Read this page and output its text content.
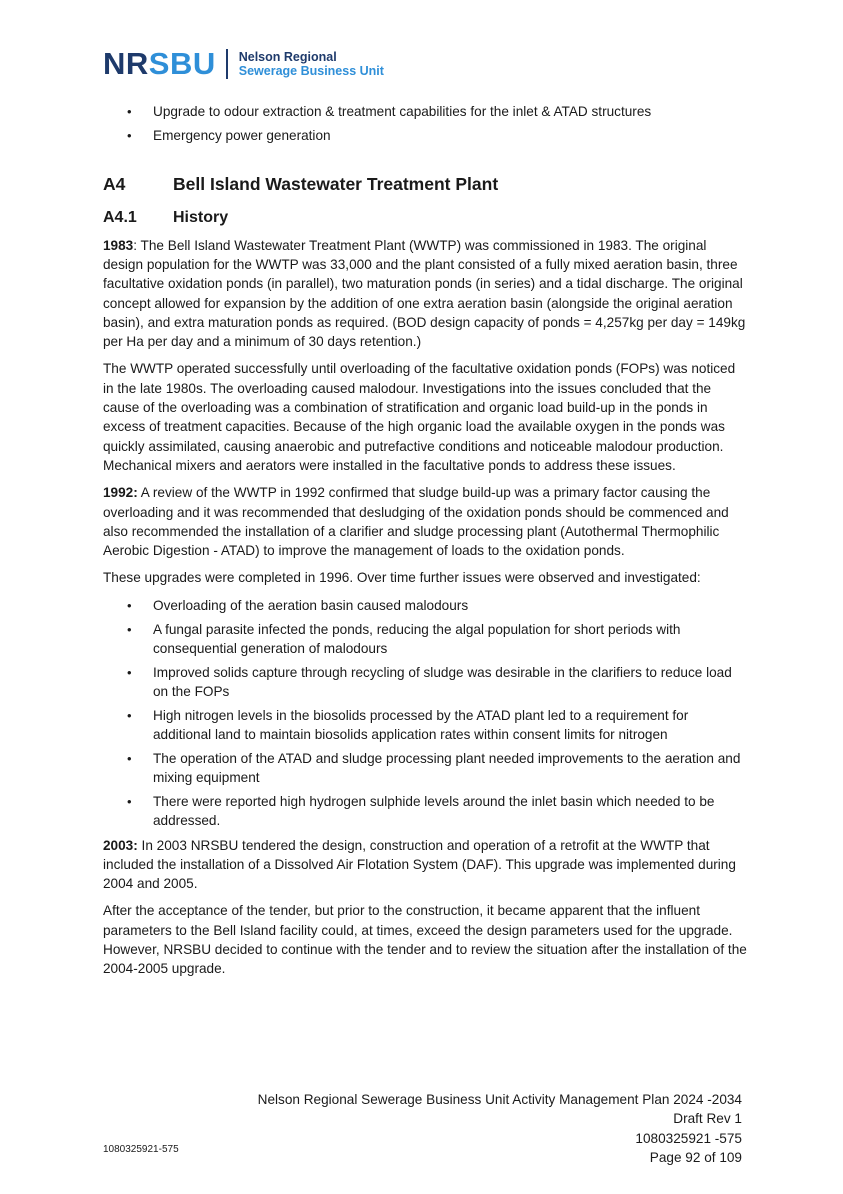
NRSBU Nelson Regional
Sewerage Business Unit
• Upgrade to odour extraction & treatment capabilities for the inlet & ATAD structures
• Emergency power generation
A4	Bell Island Wastewater Treatment Plant
A4.1	History

1983: The Bell Island Wastewater Treatment Plant (WWTP) was commissioned in 1983. The original design population for the WWTP was 33,000 and the plant consisted of a fully mixed aeration basin, three facultative oxidation ponds (in parallel), two maturation ponds (in series) and a tidal discharge. The original concept allowed for expansion by the addition of one extra aeration basin (alongside the original aeration basin), and extra maturation ponds as required. (BOD design capacity of ponds = 4,257kg per day = 149kg per Ha per day and a minimum of 30 days retention.)

The WWTP operated successfully until overloading of the facultative oxidation ponds (FOPs) was noticed in the late 1980s. The overloading caused malodour. Investigations into the issues concluded that the cause of the overloading was a combination of stratification and organic load build-up in the ponds in excess of treatment capacities. Because of the high organic load the available oxygen in the ponds was quickly assimilated, causing anaerobic and putrefactive conditions and noticeable malodour production. Mechanical mixers and aerators were installed in the facultative ponds to address these issues.

1992: A review of the WWTP in 1992 confirmed that sludge build-up was a primary factor causing the overloading and it was recommended that desludging of the oxidation ponds should be commenced and also recommended the installation of a clarifier and sludge processing plant (Autothermal Thermophilic Aerobic Digestion - ATAD) to improve the management of loads to the oxidation ponds.

These upgrades were completed in 1996. Over time further issues were observed and investigated:

• Overloading of the aeration basin caused malodours
• A fungal parasite infected the ponds, reducing the algal population for short periods with consequential generation of malodours
• Improved solids capture through recycling of sludge was desirable in the clarifiers to reduce load on the FOPs
• High nitrogen levels in the biosolids processed by the ATAD plant led to a requirement for additional land to maintain biosolids application rates within consent limits for nitrogen
• The operation of the ATAD and sludge processing plant needed improvements to the aeration and mixing equipment
• There were reported high hydrogen sulphide levels around the inlet basin which needed to be addressed.

2003: In 2003 NRSBU tendered the design, construction and operation of a retrofit at the WWTP that included the installation of a Dissolved Air Flotation System (DAF). This upgrade was implemented during 2004 and 2005.

After the acceptance of the tender, but prior to the construction, it became apparent that the influent parameters to the Bell Island facility could, at times, exceed the design parameters used for the upgrade. However, NRSBU decided to continue with the tender and to review the situation after the installation of the 2004-2005 upgrade.

1080325921-575
Nelson Regional Sewerage Business Unit Activity Management Plan 2024 -2034
Draft Rev 1
1080325921 -575
Page 92 of 109
